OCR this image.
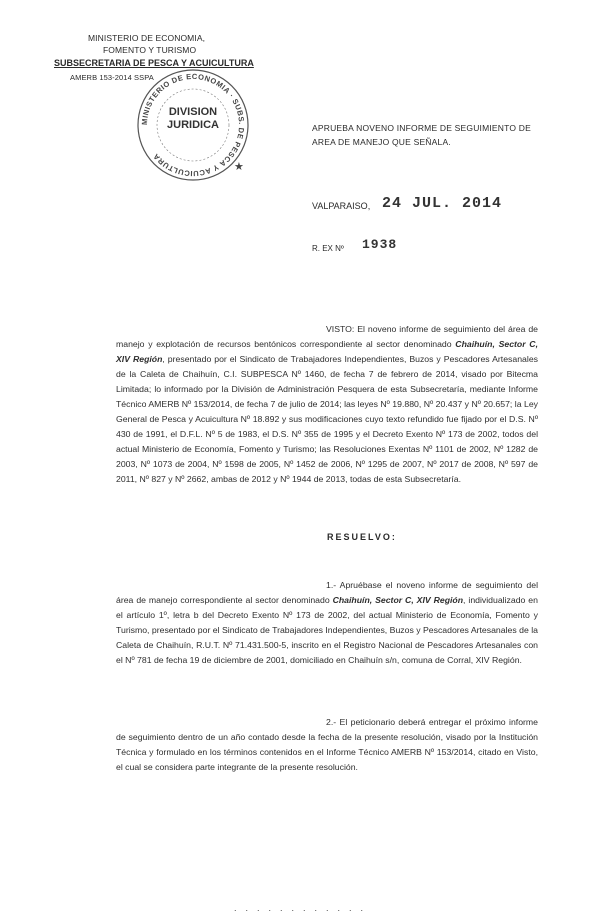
MINISTERIO DE ECONOMIA,
FOMENTO Y TURISMO
SUBSECRETARIA DE PESCA Y ACUICULTURA
AMERB 153-2014 SSPA
MINISTERIO DE ECONOMIA · SUBS. DE PESCA Y ACUICULTURA
DIVISION
JURIDICA
★
APRUEBA NOVENO INFORME DE SEGUIMIENTO DE
AREA DE MANEJO QUE SEÑALA.
VALPARAISO, 24 JUL. 2014
R. EX Nº 1938
VISTO: El noveno informe de seguimiento del área de manejo y explotación de recursos bentónicos correspondiente al sector denominado Chaihuín, Sector C, XIV Región, presentado por el Sindicato de Trabajadores Independientes, Buzos y Pescadores Artesanales de la Caleta de Chaihuín, C.I. SUBPESCA Nº 1460, de fecha 7 de febrero de 2014, visado por Bitecma Limitada; lo informado por la División de Administración Pesquera de esta Subsecretaría, mediante Informe Técnico AMERB Nº 153/2014, de fecha 7 de julio de 2014; las leyes Nº 19.880, Nº 20.437 y Nº 20.657; la Ley General de Pesca y Acuicultura Nº 18.892 y sus modificaciones cuyo texto refundido fue fijado por el D.S. Nº 430 de 1991, el D.F.L. Nº 5 de 1983, el D.S. Nº 355 de 1995 y el Decreto Exento Nº 173 de 2002, todos del actual Ministerio de Economía, Fomento y Turismo; las Resoluciones Exentas Nº 1101 de 2002, Nº 1282 de 2003, Nº 1073 de 2004, Nº 1598 de 2005, Nº 1452 de 2006, Nº 1295 de 2007, Nº 2017 de 2008, Nº 597 de 2011, Nº 827 y Nº 2662, ambas de 2012 y Nº 1944 de 2013, todas de esta Subsecretaría.
RESUELVO:
1.- Apruébase el noveno informe de seguimiento del área de manejo correspondiente al sector denominado Chaihuín, Sector C, XIV Región, individualizado en el artículo 1º, letra b del Decreto Exento Nº 173 de 2002, del actual Ministerio de Economía, Fomento y Turismo, presentado por el Sindicato de Trabajadores Independientes, Buzos y Pescadores Artesanales de la Caleta de Chaihuín, R.U.T. Nº 71.431.500-5, inscrito en el Registro Nacional de Pescadores Artesanales con el Nº 781 de fecha 19 de diciembre de 2001, domiciliado en Chaihuín s/n, comuna de Corral, XIV Región.
2.- El peticionario deberá entregar el próximo informe de seguimiento dentro de un año contado desde la fecha de la presente resolución, visado por la Institución Técnica y formulado en los términos contenidos en el Informe Técnico AMERB Nº 153/2014, citado en Visto, el cual se considera parte integrante de la presente resolución.
· · · · · · · · · · · ·
